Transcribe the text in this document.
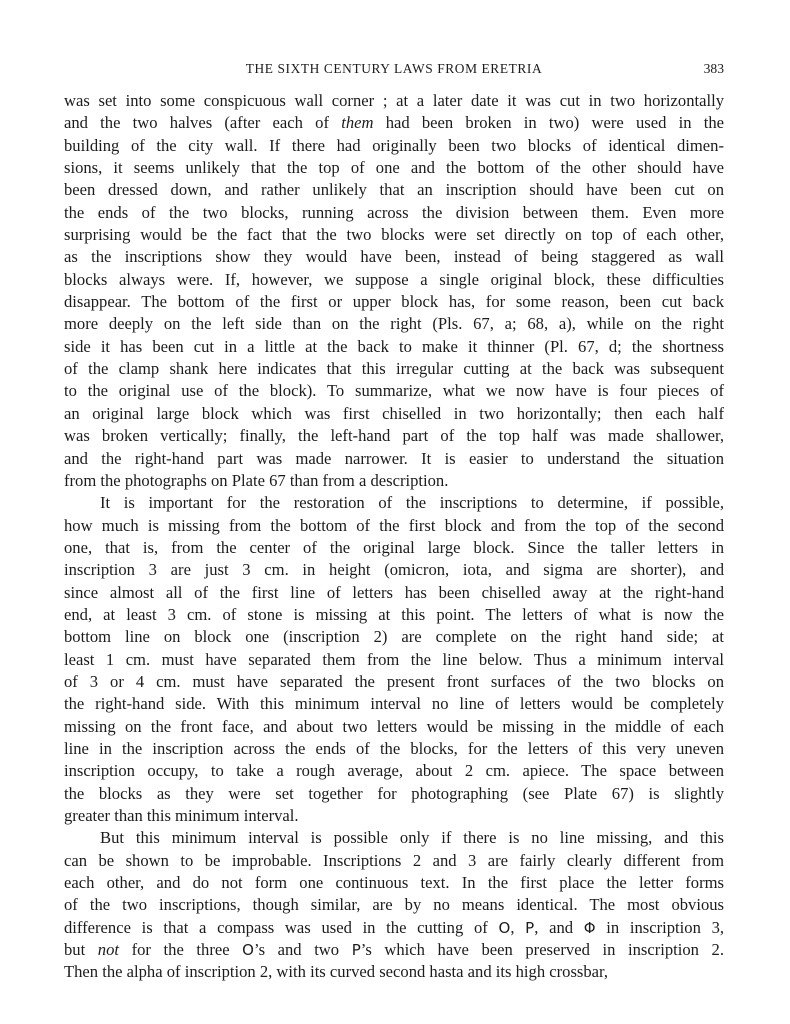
THE SIXTH CENTURY LAWS FROM ERETRIA	383
was set into some conspicuous wall corner ; at a later date it was cut in two horizontally
and the two halves (after each of them had been broken in two) were used in the
building of the city wall. If there had originally been two blocks of identical dimen-
sions, it seems unlikely that the top of one and the bottom of the other should have
been dressed down, and rather unlikely that an inscription should have been cut on
the ends of the two blocks, running across the division between them. Even more
surprising would be the fact that the two blocks were set directly on top of each other,
as the inscriptions show they would have been, instead of being staggered as wall
blocks always were. If, however, we suppose a single original block, these difficulties
disappear. The bottom of the first or upper block has, for some reason, been cut back
more deeply on the left side than on the right (Pls. 67, a; 68, a), while on the right
side it has been cut in a little at the back to make it thinner (Pl. 67, d; the shortness
of the clamp shank here indicates that this irregular cutting at the back was subsequent
to the original use of the block). To summarize, what we now have is four pieces of
an original large block which was first chiselled in two horizontally; then each half
was broken vertically; finally, the left-hand part of the top half was made shallower,
and the right-hand part was made narrower. It is easier to understand the situation
from the photographs on Plate 67 than from a description.
It is important for the restoration of the inscriptions to determine, if possible,
how much is missing from the bottom of the first block and from the top of the second
one, that is, from the center of the original large block. Since the taller letters in
inscription 3 are just 3 cm. in height (omicron, iota, and sigma are shorter), and
since almost all of the first line of letters has been chiselled away at the right-hand
end, at least 3 cm. of stone is missing at this point. The letters of what is now the
bottom line on block one (inscription 2) are complete on the right hand side; at
least 1 cm. must have separated them from the line below. Thus a minimum interval
of 3 or 4 cm. must have separated the present front surfaces of the two blocks on
the right-hand side. With this minimum interval no line of letters would be completely
missing on the front face, and about two letters would be missing in the middle of each
line in the inscription across the ends of the blocks, for the letters of this very uneven
inscription occupy, to take a rough average, about 2 cm. apiece. The space between
the blocks as they were set together for photographing (see Plate 67) is slightly
greater than this minimum interval.
But this minimum interval is possible only if there is no line missing, and this
can be shown to be improbable. Inscriptions 2 and 3 are fairly clearly different from
each other, and do not form one continuous text. In the first place the letter forms
of the two inscriptions, though similar, are by no means identical. The most obvious
difference is that a compass was used in the cutting of O, P, and Φ in inscription 3,
but not for the three O’s and two P’s which have been preserved in inscription 2.
Then the alpha of inscription 2, with its curved second hasta and its high crossbar,
